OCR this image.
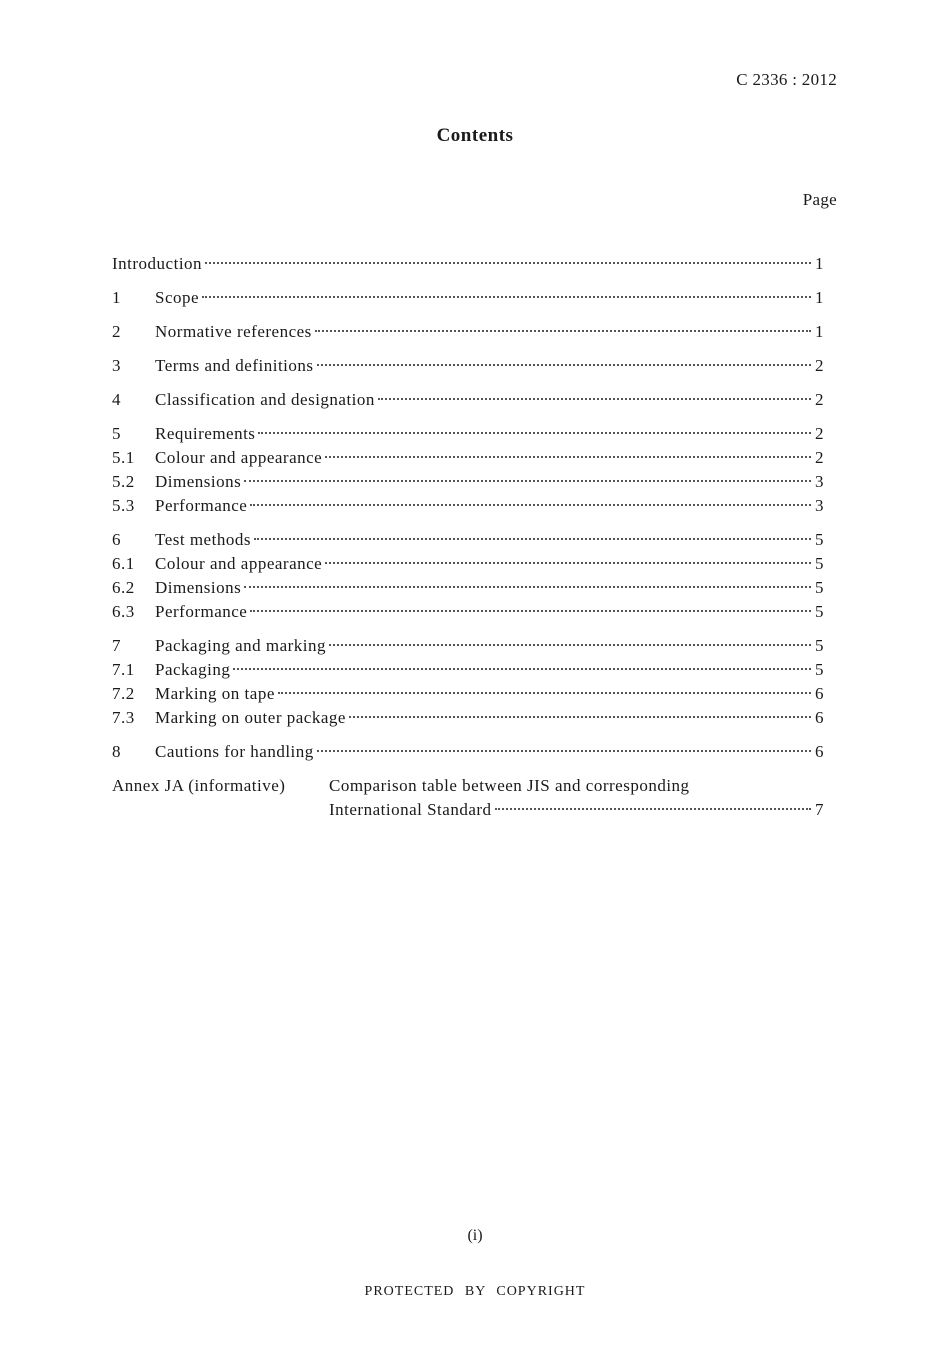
C 2336 : 2012
Contents
Page
Introduction	1
1	Scope	1
2	Normative references	1
3	Terms and definitions	2
4	Classification and designation	2
5	Requirements	2
5.1	Colour and appearance	2
5.2	Dimensions	3
5.3	Performance	3
6	Test methods	5
6.1	Colour and appearance	5
6.2	Dimensions	5
6.3	Performance	5
7	Packaging and marking	5
7.1	Packaging	5
7.2	Marking on tape	6
7.3	Marking on outer package	6
8	Cautions for handling	6
Annex JA (informative)	Comparison table between JIS and corresponding
International Standard	7
(i)
PROTECTED BY COPYRIGHT
